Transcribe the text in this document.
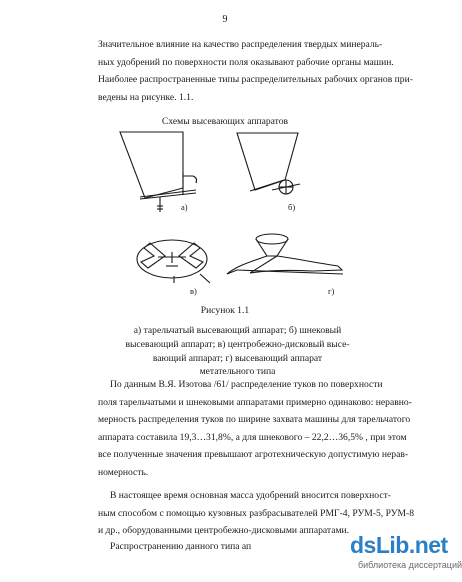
9
Значительное влияние на качество распределения твердых минераль-
ных удобрений по поверхности поля оказывают рабочие органы машин.
Наиболее распространенные типы распределительных рабочих органов при-
ведены на рисунке. 1.1.
Схемы высевающих аппаратов
а)	б)
в)	г)
Рисунок 1.1
а) тарельчатый высевающий аппарат; б) шнековый
высевающий аппарат; в) центробежно-дисковый высе-
вающий аппарат; г) высевающий аппарат
метательного типа
По данным В.Я. Изотова /61/ распределение туков по поверхности
поля тарельчатыми и шнековыми аппаратами примерно одинаково: неравно-
мерность распределения туков по ширине захвата машины для тарельчатого
аппарата составила 19,3…31,8%, а для шнекового – 22,2…36,5% , при этом
все полученные значения превышают агротехническую допустимую нерав-
номерность.
В настоящее время основная масса удобрений вносится поверхност-
ным способом с помощью кузовных разбрасывателей РМГ-4, РУМ-5, РУМ-8
и др., оборудованными центробежно-дисковыми аппаратами.
Распространению данного типа ап	dsLib.net
библиотека диссертаций
